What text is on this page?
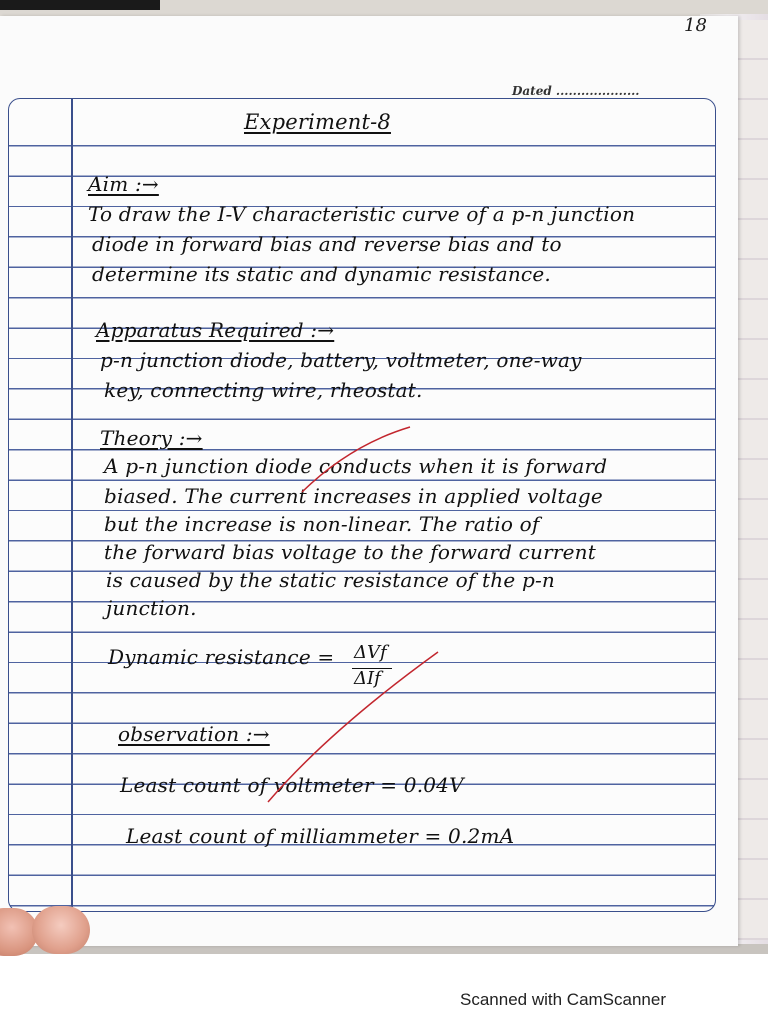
18
Dated ....................
Experiment-8
Aim :→
To draw the I-V characteristic curve of a p-n junction
diode in forward bias and reverse bias and to
determine its static and dynamic resistance.
Apparatus Required :→
p-n junction diode, battery, voltmeter, one-way
key, connecting wire, rheostat.
Theory :→
A p-n junction diode conducts when it is forward
biased. The current increases in applied voltage
but the increase is non-linear. The ratio of
the forward bias voltage to the forward current
is caused by the static resistance of the p-n
junction.
Dynamic resistance = ΔVf
ΔIf
observation :→
Least count of voltmeter = 0.04V
Least count of milliammeter = 0.2mA
Scanned with CamScanner
